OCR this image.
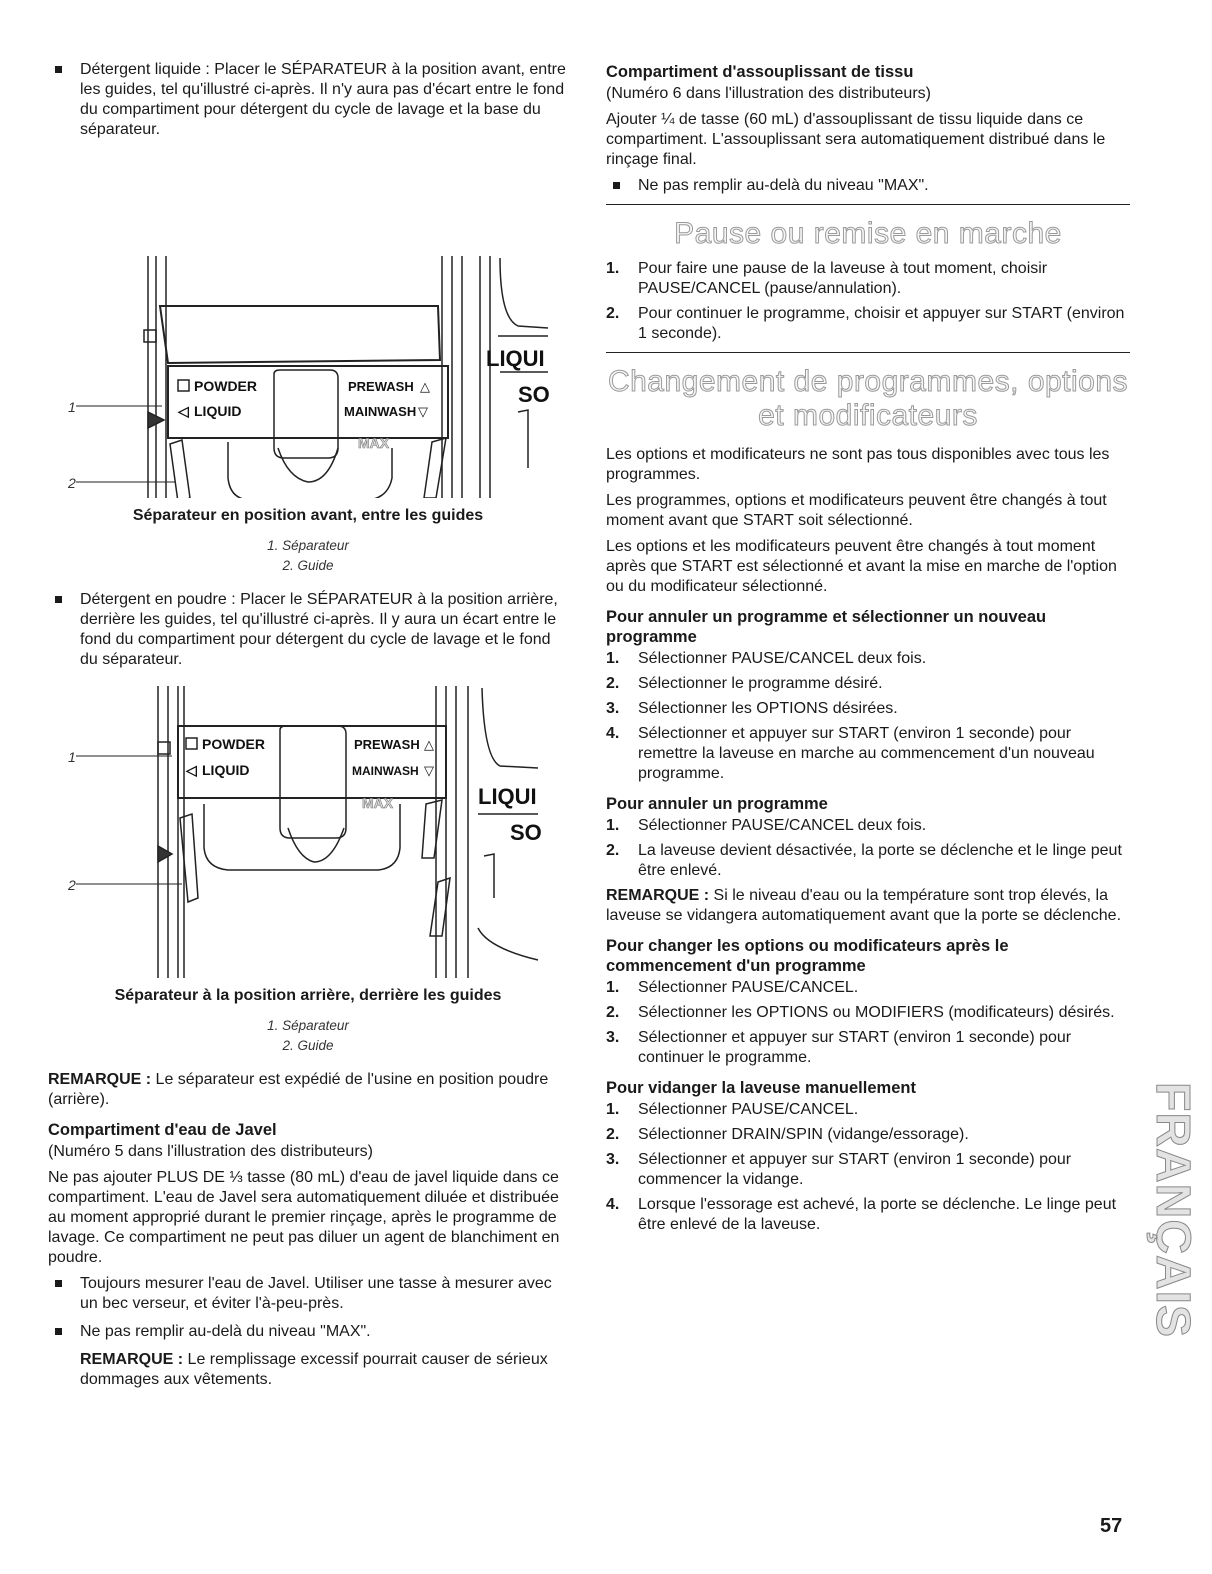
Détergent liquide : Placer le SÉPARATEUR à la position avant, entre les guides, tel qu'illustré ci-après. Il n'y aura pas d'écart entre le fond du compartiment pour détergent du cycle de lavage et la base du séparateur.
POWDER
◁ LIQUID
PREWASH △
MAINWASH ▽
MAX
LIQUI
SO
1
2
Séparateur en position avant, entre les guides
1. Séparateur
2. Guide
Détergent en poudre : Placer le SÉPARATEUR à la position arrière, derrière les guides, tel qu'illustré ci-après. Il y aura un écart entre le fond du compartiment pour détergent du cycle de lavage et le fond du séparateur.
POWDER
◁ LIQUID
PREWASH △
MAINWASH ▽
MAX	LIQUI
SO
1
2
Séparateur à la position arrière, derrière les guides
1. Séparateur
2. Guide

REMARQUE : Le séparateur est expédié de l'usine en position poudre (arrière).

Compartiment d'eau de Javel

(Numéro 5 dans l'illustration des distributeurs)

Ne pas ajouter PLUS DE ⅓ tasse (80 mL) d'eau de javel liquide dans ce compartiment. L'eau de Javel sera automatiquement diluée et distribuée au moment approprié durant le premier rinçage, après le programme de lavage. Ce compartiment ne peut pas diluer un agent de blanchiment en poudre.

Toujours mesurer l'eau de Javel. Utiliser une tasse à mesurer avec un bec verseur, et éviter l'à-peu-près.
Ne pas remplir au-delà du niveau "MAX".

REMARQUE : Le remplissage excessif pourrait causer de sérieux dommages aux vêtements.

Compartiment d'assouplissant de tissu

(Numéro 6 dans l'illustration des distributeurs)

Ajouter ¼ de tasse (60 mL) d'assouplissant de tissu liquide dans ce compartiment. L'assouplissant sera automatiquement distribué dans le rinçage final.

Ne pas remplir au-delà du niveau "MAX".
Pause ou remise en marche
1. Pour faire une pause de la laveuse à tout moment, choisir PAUSE/CANCEL (pause/annulation).
2. Pour continuer le programme, choisir et appuyer sur START (environ 1 seconde).
Changement de programmes, options
et modificateurs

Les options et modificateurs ne sont pas tous disponibles avec tous les programmes.

Les programmes, options et modificateurs peuvent être changés à tout moment avant que START soit sélectionné.

Les options et les modificateurs peuvent être changés à tout moment après que START est sélectionné et avant la mise en marche de l'option ou du modificateur sélectionné.

Pour annuler un programme et sélectionner un nouveau programme
1. Sélectionner PAUSE/CANCEL deux fois.
2. Sélectionner le programme désiré.
3. Sélectionner les OPTIONS désirées.
4. Sélectionner et appuyer sur START (environ 1 seconde) pour remettre la laveuse en marche au commencement d'un nouveau programme.
Pour annuler un programme
1. Sélectionner PAUSE/CANCEL deux fois.
2. La laveuse devient désactivée, la porte se déclenche et le linge peut être enlevé.

REMARQUE : Si le niveau d'eau ou la température sont trop élevés, la laveuse se vidangera automatiquement avant que la porte se déclenche.

Pour changer les options ou modificateurs après le commencement d'un programme
1. Sélectionner PAUSE/CANCEL.
2. Sélectionner les OPTIONS ou MODIFIERS (modificateurs) désirés.
3. Sélectionner et appuyer sur START (environ 1 seconde) pour continuer le programme.
Pour vidanger la laveuse manuellement
1. Sélectionner PAUSE/CANCEL.
2. Sélectionner DRAIN/SPIN (vidange/essorage).
3. Sélectionner et appuyer sur START (environ 1 seconde) pour commencer la vidange.
4. Lorsque l'essorage est achevé, la porte se déclenche. Le linge peut être enlevé de la laveuse.	FRANÇAIS
57
